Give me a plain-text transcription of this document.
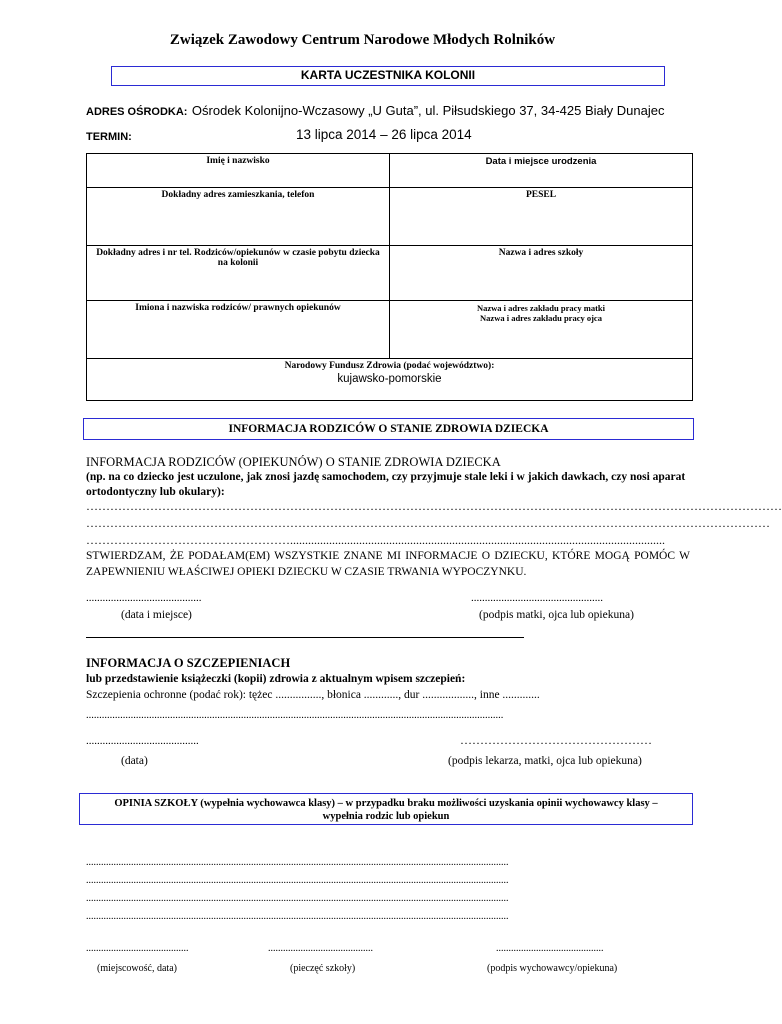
Związek Zawodowy Centrum Narodowe Młodych Rolników
KARTA UCZESTNIKA KOLONII
ADRES OŚRODKA: Ośrodek Kolonijno-Wczasowy „U Guta”, ul. Piłsudskiego 37, 34-425 Biały Dunajec
TERMIN:	13 lipca 2014 – 26 lipca 2014
Imię i nazwisko	Data i miejsce urodzenia
Dokładny adres zamieszkania, telefon	PESEL
Dokładny adres i nr tel. Rodziców/opiekunów w czasie pobytu dziecka na kolonii	Nazwa i adres szkoły
Imiona i nazwiska rodziców/ prawnych opiekunów	Nazwa i adres zakładu pracy matki
Nazwa i adres zakładu pracy ojca

Narodowy Fundusz Zdrowia (podać województwo):
kujawsko-pomorskie	
INFORMACJA RODZICÓW O STANIE ZDROWIA DZIECKA
INFORMACJA RODZICÓW (OPIEKUNÓW) O STANIE ZDROWIA DZIECKA
(np. na co dziecko jest uczulone, jak znosi jazdę samochodem, czy przyjmuje stale leki i w jakich dawkach, czy nosi aparat ortodontyczny lub okulary):
…………………………………………………………………………………………………………………………………………………………
………………………………………………………………………………………………………………………………………………………
…………………………………………….............................................................................................................................
STWIERDZAM, ŻE PODAŁAM(EM) WSZYSTKIE ZNANE MI INFORMACJE O DZIECKU, KTÓRE MOGĄ POMÓC W ZAPEWNIENIU WŁAŚCIWEJ OPIEKI DZIECKU W CZASIE TRWANIA WYPOCZYNKU.
..........................................	................................................
(data i miejsce)	(podpis matki, ojca lub opiekuna)
INFORMACJA O SZCZEPIENIACH
lub przedstawienie książeczki (kopii) zdrowia z aktualnym wpisem szczepień:
Szczepienia ochronne (podać rok): tężec ................, błonica ............, dur .................., inne .............
...............................................................................................................................................................
.........................................	…………………………………………
(data)	(podpis lekarza, matki, ojca lub opiekuna)
OPINIA SZKOŁY (wypełnia wychowawca klasy) – w przypadku braku możliwości uzyskania opinii wychowawcy klasy – wypełnia rodzic lub opiekun
.........................................................................................................................................................................
.........................................................................................................................................................................
.........................................................................................................................................................................
.........................................................................................................................................................................
.........................................	..........................................	...........................................
(miejscowość, data)	(pieczęć szkoły)	(podpis wychowawcy/opiekuna)
